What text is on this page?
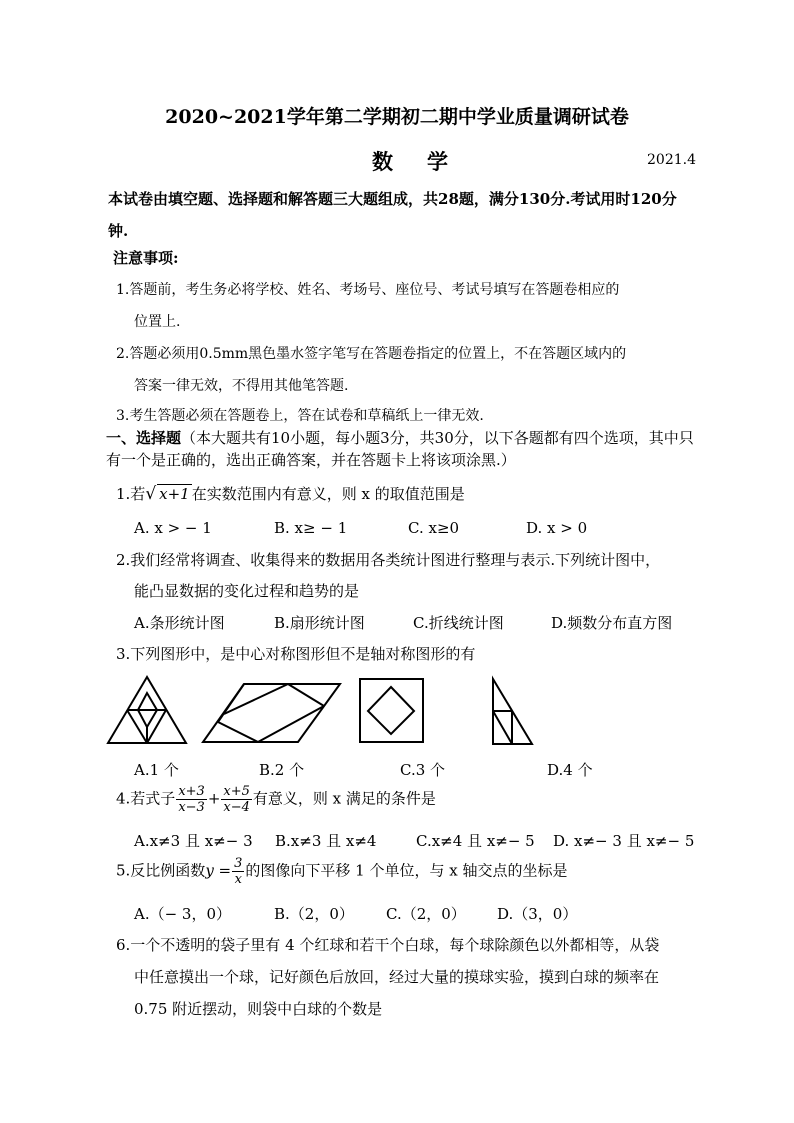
2020~2021学年第二学期初二期中学业质量调研试卷
数学	2021.4
本试卷由填空题、选择题和解答题三大题组成，共28题，满分130分.考试用时120分钟.
注意事项:
1.答题前，考生务必将学校、姓名、考场号、座位号、考试号填写在答题卷相应的
位置上.
2.答题必须用0.5mm黑色墨水签字笔写在答题卷指定的位置上，不在答题区域内的
答案一律无效，不得用其他笔答题.
3.考生答题必须在答题卷上，答在试卷和草稿纸上一律无效.
一、选择题（本大题共有10小题，每小题3分，共30分，以下各题都有四个选项，其中只有一个是正确的，选出正确答案，并在答题卡上将该项涂黑.）
1.若√ x+1 在实数范围内有意义，则 x 的取值范围是
A. x > − 1	B. x≥ − 1	C. x≥0	D. x > 0
2.我们经常将调查、收集得来的数据用各类统计图进行整理与表示.下列统计图中，
能凸显数据的变化过程和趋势的是
A.条形统计图	B.扇形统计图	C.折线统计图	D.频数分布直方图
3.下列图形中，是中心对称图形但不是轴对称图形的有
A.1 个	B.2 个	C.3 个	D.4 个
4.若式子 $\frac{x+3}{x-3} + \frac{x+5}{x-4}$ 有意义，则 x 满足的条件是
A.x≠3 且 x≠− 3 B.x≠3 且 x≠4	C.x≠4 且 x≠− 5 D. x≠− 3 且 x≠− 5
5.反比例函数$y = \frac{3}{x}$ 的图像向下平移 1 个单位，与 x 轴交点的坐标是
A.（− 3，0）	B.（2，0） C.（2，0） D.（3，0）
6.一个不透明的袋子里有 4 个红球和若干个白球，每个球除颜色以外都相等，从袋
中任意摸出一个球，记好颜色后放回，经过大量的摸球实验，摸到白球的频率在
0.75 附近摆动，则袋中白球的个数是
